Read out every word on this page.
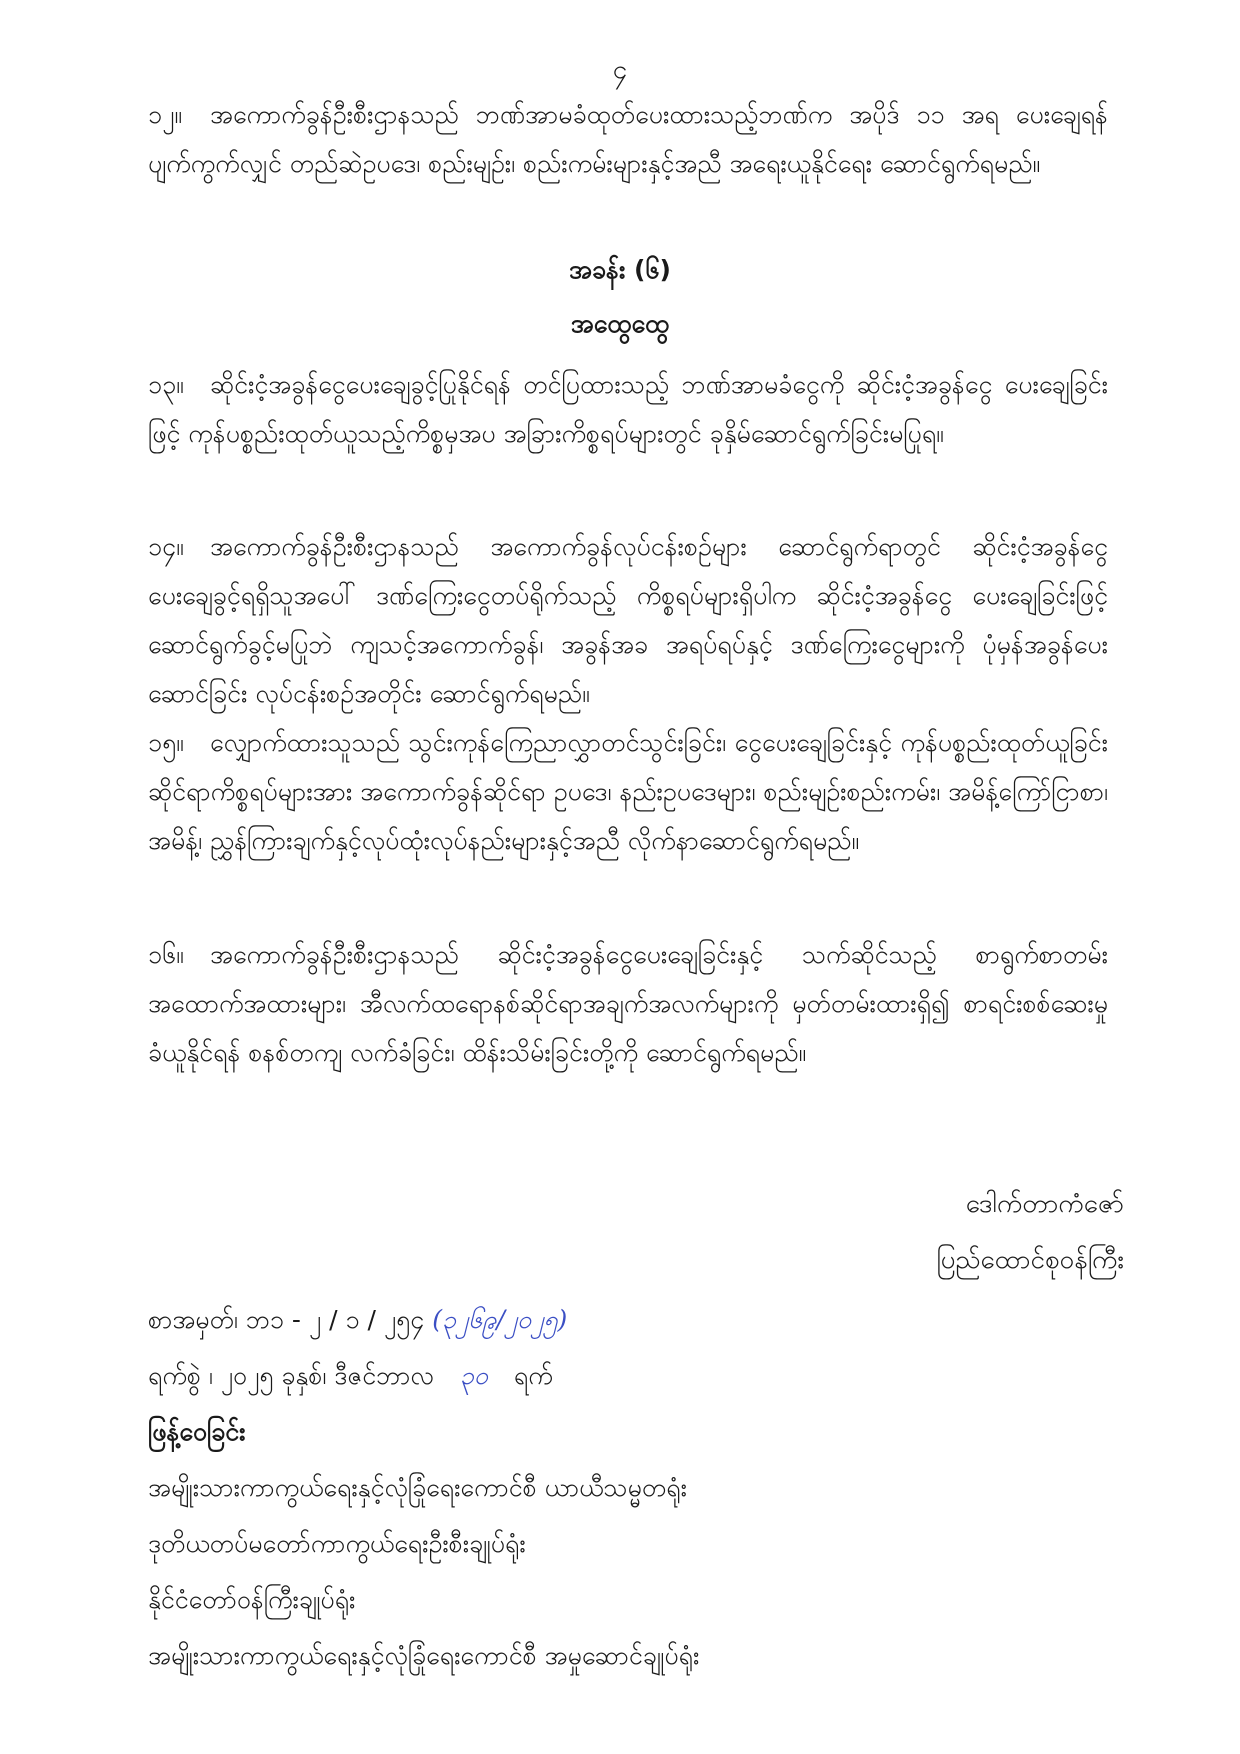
၄

၁၂။ အကောက်ခွန်ဦးစီးဌာနသည် ဘဏ်အာမခံထုတ်ပေးထားသည့်ဘဏ်က အပိုဒ် ၁၁ အရ ပေးချေရန် ပျက်ကွက်လျှင် တည်ဆဲဥပဒေ၊ စည်းမျဉ်း၊ စည်းကမ်းများနှင့်အညီ အရေးယူနိုင်ရေး ဆောင်ရွက်ရမည်။

အခန်း (၆)
အထွေထွေ

၁၃။ ဆိုင်းငံ့အခွန်ငွေပေးချေခွင့်ပြုနိုင်ရန် တင်ပြထားသည့် ဘဏ်အာမခံငွေကို ဆိုင်းငံ့အခွန်ငွေ ပေးချေခြင်းဖြင့် ကုန်ပစ္စည်းထုတ်ယူသည့်ကိစ္စမှအပ အခြားကိစ္စရပ်များတွင် ခုနှိမ်ဆောင်ရွက်ခြင်းမပြုရ။

၁၄။ အကောက်ခွန်ဦးစီးဌာနသည် အကောက်ခွန်လုပ်ငန်းစဉ်များ ဆောင်ရွက်ရာတွင် ဆိုင်းငံ့အခွန်ငွေ ပေးချေခွင့်ရရှိသူအပေါ် ဒဏ်ကြေးငွေတပ်ရိုက်သည့် ကိစ္စရပ်များရှိပါက ဆိုင်းငံ့အခွန်ငွေ ပေးချေခြင်းဖြင့် ဆောင်ရွက်ခွင့်မပြုဘဲ ကျသင့်အကောက်ခွန်၊ အခွန်အခ အရပ်ရပ်နှင့် ဒဏ်ကြေးငွေများကို ပုံမှန်အခွန်ပေးဆောင်ခြင်း လုပ်ငန်းစဉ်အတိုင်း ဆောင်ရွက်ရမည်။

၁၅။ လျှောက်ထားသူသည် သွင်းကုန်ကြေညာလွှာတင်သွင်းခြင်း၊ ငွေပေးချေခြင်းနှင့် ကုန်ပစ္စည်းထုတ်ယူခြင်းဆိုင်ရာကိစ္စရပ်များအား အကောက်ခွန်ဆိုင်ရာ ဥပဒေ၊ နည်းဥပဒေများ၊ စည်းမျဉ်းစည်းကမ်း၊ အမိန့်ကြော်ငြာစာ၊ အမိန့်၊ ညွှန်ကြားချက်နှင့်လုပ်ထုံးလုပ်နည်းများနှင့်အညီ လိုက်နာဆောင်ရွက်ရမည်။

၁၆။ အကောက်ခွန်ဦးစီးဌာနသည် ဆိုင်းငံ့အခွန်ငွေပေးချေခြင်းနှင့် သက်ဆိုင်သည့် စာရွက်စာတမ်းအထောက်အထားများ၊ အီလက်ထရောနစ်ဆိုင်ရာအချက်အလက်များကို မှတ်တမ်းထားရှိ၍ စာရင်းစစ်ဆေးမှုခံယူနိုင်ရန် စနစ်တကျ လက်ခံခြင်း၊ ထိန်းသိမ်းခြင်းတို့ကို ဆောင်ရွက်ရမည်။

ဒေါက်တာကံဇော်
ပြည်ထောင်စုဝန်ကြီး
စာအမှတ်၊ ဘ၁ - ၂ / ၁ / ၂၅၄ (၃၂၆၉/၂၀၂၅)
ရက်စွဲ ၊ ၂၀၂၅ ခုနှစ်၊ ဒီဇင်ဘာလ ၃၀ ရက်
ဖြန့်ဝေခြင်း
အမျိုးသားကာကွယ်ရေးနှင့်လုံခြုံရေးကောင်စီ ယာယီသမ္မတရုံး
ဒုတိယတပ်မတော်ကာကွယ်ရေးဦးစီးချုပ်ရုံး
နိုင်ငံတော်ဝန်ကြီးချုပ်ရုံး
အမျိုးသားကာကွယ်ရေးနှင့်လုံခြုံရေးကောင်စီ အမှုဆောင်ချုပ်ရုံး
